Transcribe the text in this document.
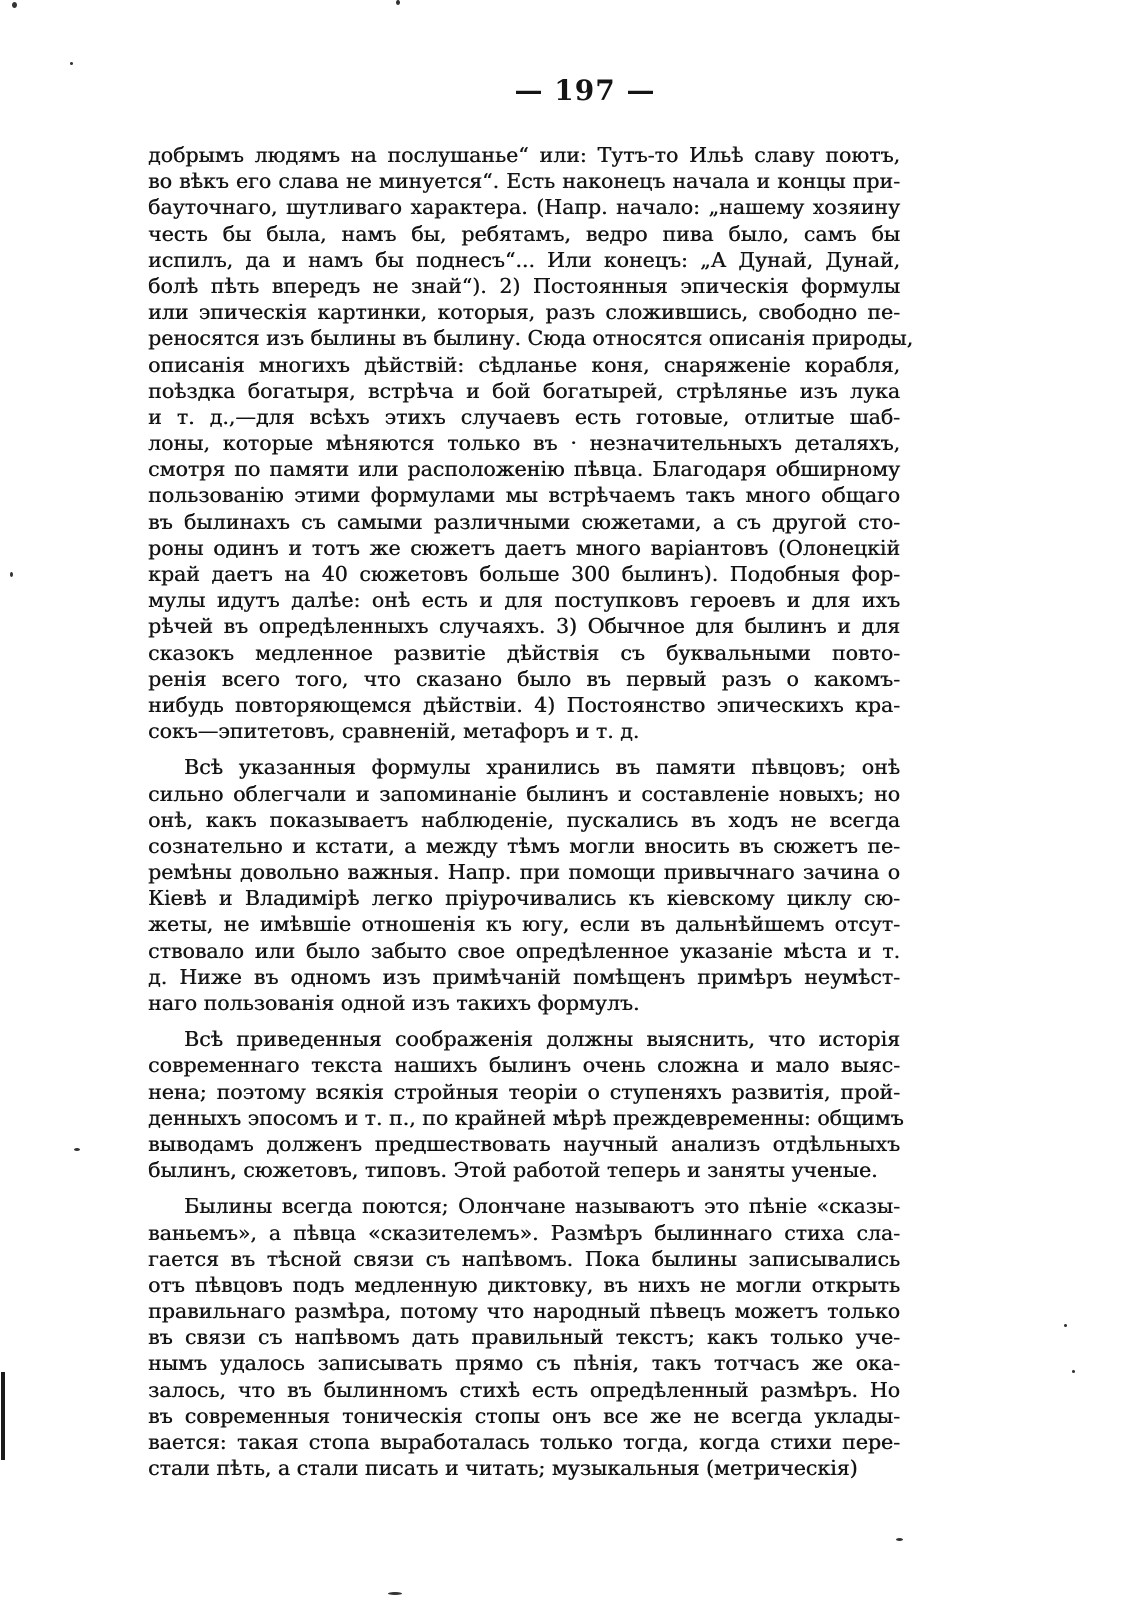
— 197 —
добрымъ людямъ на послушанье“ или: Тутъ-то Ильѣ славу поютъ,
во вѣкъ его слава не минуется“. Есть наконецъ начала и концы при-
бауточнаго, шутливаго характера. (Напр. начало: „нашему хозяину
честь бы была, намъ бы, ребятамъ, ведро пива было, самъ бы
испилъ, да и намъ бы поднесъ“... Или конецъ: „А Дунай, Дунай,
болѣ пѣть впередъ не знай“). 2) Постоянныя эпическія формулы
или эпическія картинки, которыя, разъ сложившись, свободно пе-
реносятся изъ былины въ былину. Сюда относятся описанія природы,
описанія многихъ дѣйствій: сѣдланье коня, снаряженіе корабля,
поѣздка богатыря, встрѣча и бой богатырей, стрѣлянье изъ лука
и т. д.,—для всѣхъ этихъ случаевъ есть готовые, отлитые шаб-
лоны, которые мѣняются только въ · незначительныхъ деталяхъ,
смотря по памяти или расположенію пѣвца. Благодаря обширному
пользованію этими формулами мы встрѣчаемъ такъ много общаго
въ былинахъ съ самыми различными сюжетами, а съ другой сто-
роны одинъ и тотъ же сюжетъ даетъ много варіантовъ (Олонецкій
край даетъ на 40 сюжетовъ больше 300 былинъ). Подобныя фор-
мулы идутъ далѣе: онѣ есть и для поступковъ героевъ и для ихъ
рѣчей въ опредѣленныхъ случаяхъ. 3) Обычное для былинъ и для
сказокъ медленное развитіе дѣйствія съ буквальными повто-
ренія всего того, что сказано было въ первый разъ о какомъ-
нибудь повторяющемся дѣйствіи. 4) Постоянство эпическихъ кра-
сокъ—эпитетовъ, сравненій, метафоръ и т. д.
Всѣ указанныя формулы хранились въ памяти пѣвцовъ; онѣ
сильно облегчали и запоминаніе былинъ и составленіе новыхъ; но
онѣ, какъ показываетъ наблюденіе, пускались въ ходъ не всегда
сознательно и кстати, а между тѣмъ могли вносить въ сюжетъ пе-
ремѣны довольно важныя. Напр. при помощи привычнаго зачина о
Кіевѣ и Владимірѣ легко пріурочивались къ кіевскому циклу сю-
жеты, не имѣвшіе отношенія къ югу, если въ дальнѣйшемъ отсут-
ствовало или было забыто свое опредѣленное указаніе мѣста и т.
д. Ниже въ одномъ изъ примѣчаній помѣщенъ примѣръ неумѣст-
наго пользованія одной изъ такихъ формулъ.
Всѣ приведенныя соображенія должны выяснить, что исторія
современнаго текста нашихъ былинъ очень сложна и мало выяс-
нена; поэтому всякія стройныя теоріи о ступеняхъ развитія, прой-
денныхъ эпосомъ и т. п., по крайней мѣрѣ преждевременны: общимъ
выводамъ долженъ предшествовать научный анализъ отдѣльныхъ
былинъ, сюжетовъ, типовъ. Этой работой теперь и заняты ученые.
Былины всегда поются; Олончане называютъ это пѣніе «сказы-
ваньемъ», а пѣвца «сказителемъ». Размѣръ былиннаго стиха сла-
гается въ тѣсной связи съ напѣвомъ. Пока былины записывались
отъ пѣвцовъ подъ медленную диктовку, въ нихъ не могли открыть
правильнаго размѣра, потому что народный пѣвецъ можетъ только
въ связи съ напѣвомъ дать правильный текстъ; какъ только уче-
нымъ удалось записывать прямо съ пѣнія, такъ тотчасъ же ока-
залось, что въ былинномъ стихѣ есть опредѣленный размѣръ. Но
въ современныя тоническія стопы онъ все же не всегда уклады-
вается: такая стопа выработалась только тогда, когда стихи пере-
стали пѣть, а стали писать и читать; музыкальныя (метрическія)
